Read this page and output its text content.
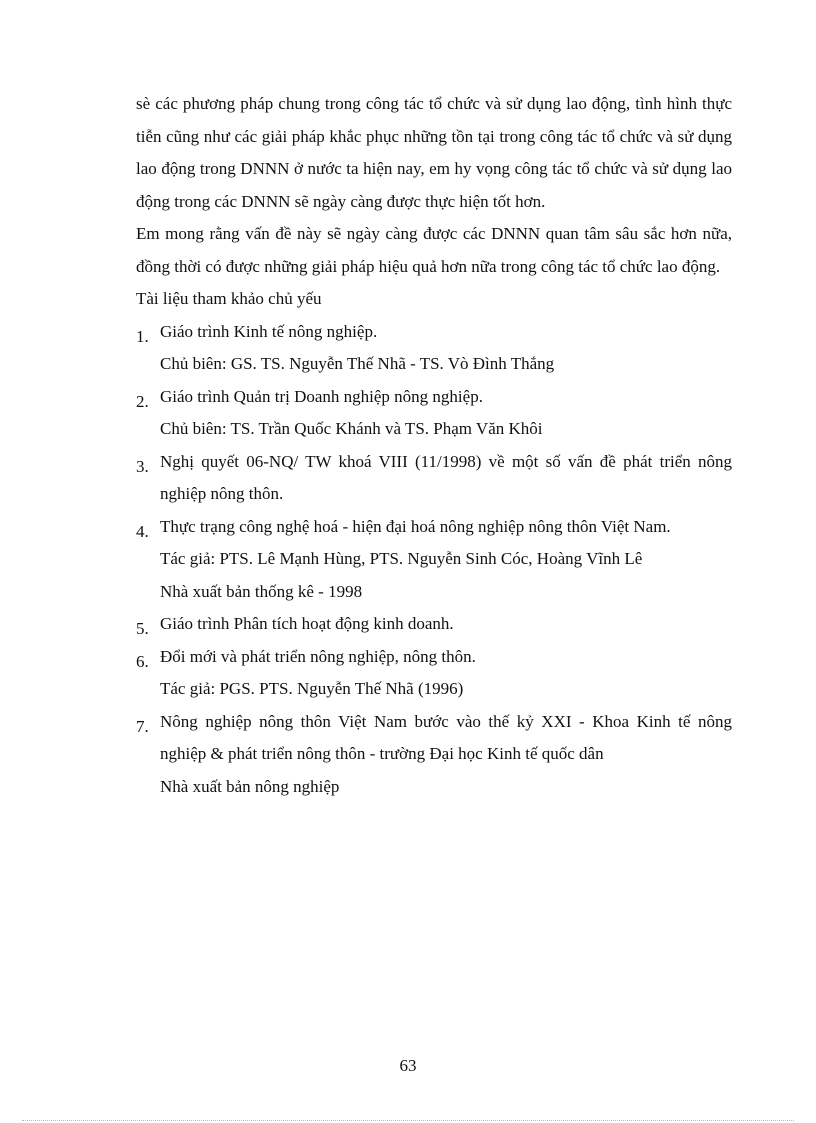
sè các phương pháp chung trong công tác tổ chức và sử dụng lao động, tình hình thực tiễn cũng như các giải pháp khắc phục những tồn tại trong công tác tổ chức và sử dụng lao động trong DNNN ở nước ta hiện nay, em hy vọng công tác tổ chức và sử dụng lao động trong các DNNN sẽ ngày càng được thực hiện tốt hơn.

Em mong rằng vấn đề này sẽ ngày càng được các DNNN quan tâm sâu sắc hơn nữa, đồng thời có được những giải pháp hiệu quả hơn nữa trong công tác tổ chức lao động.

Tài liệu tham khảo chủ yếu

1. Giáo trình Kinh tế nông nghiệp.
Chủ biên: GS. TS. Nguyễn Thế Nhã - TS. Vò Đình Thắng
2. Giáo trình Quản trị Doanh nghiệp nông nghiệp.
Chủ biên: TS. Trần Quốc Khánh và TS. Phạm Văn Khôi
3. Nghị quyết 06-NQ/ TW khoá VIII (11/1998) về một số vấn đề phát triển nông nghiệp nông thôn.
4. Thực trạng công nghệ hoá - hiện đại hoá nông nghiệp nông thôn Việt Nam.
Tác giả: PTS. Lê Mạnh Hùng, PTS. Nguyễn Sinh Cóc, Hoàng Vĩnh Lê
Nhà xuất bản thống kê - 1998
5. Giáo trình Phân tích hoạt động kinh doanh.
6. Đổi mới và phát triển nông nghiệp, nông thôn.
Tác giả: PGS. PTS. Nguyễn Thế Nhã (1996)
7. Nông nghiệp nông thôn Việt Nam bước vào thế kỷ XXI - Khoa Kinh tế nông nghiệp & phát triển nông thôn - trường Đại học Kinh tế quốc dân
Nhà xuất bản nông nghiệp
63
